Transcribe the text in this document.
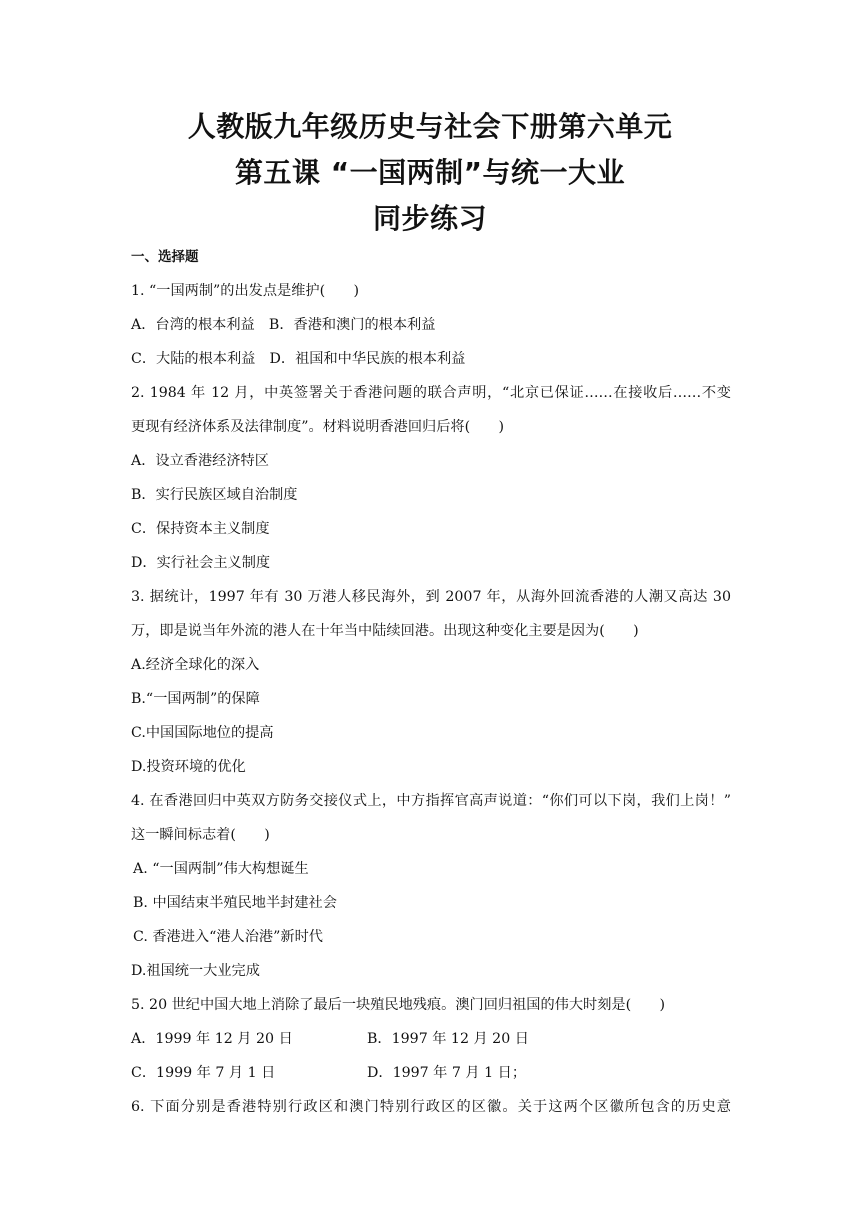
人教版九年级历史与社会下册第六单元
第五课 “一国两制”与统一大业
同步练习
一、选择题
1. “一国两制”的出发点是维护(　　)
A．台湾的根本利益　B．香港和澳门的根本利益
C．大陆的根本利益　D．祖国和中华民族的根本利益
2. 1984 年 12 月，中英签署关于香港问题的联合声明，“北京已保证……在接收后……不变
更现有经济体系及法律制度”。材料说明香港回归后将(　　)
A．设立香港经济特区
B．实行民族区域自治制度
C．保持资本主义制度
D．实行社会主义制度
3. 据统计，1997 年有 30 万港人移民海外，到 2007 年，从海外回流香港的人潮又高达 30
万，即是说当年外流的港人在十年当中陆续回港。出现这种变化主要是因为(　　)
A.经济全球化的深入
B.“一国两制”的保障
C.中国国际地位的提高
D.投资环境的优化
4. 在香港回归中英双方防务交接仪式上，中方指挥官高声说道：“你们可以下岗，我们上岗！”
这一瞬间标志着(　　)
A. “一国两制”伟大构想诞生
B. 中国结束半殖民地半封建社会
C. 香港进入“港人治港”新时代
D.祖国统一大业完成
5. 20 世纪中国大地上消除了最后一块殖民地残痕。澳门回归祖国的伟大时刻是(　　)
A．1999 年 12 月 20 日	B．1997 年 12 月 20 日
C．1999 年 7 月 1 日	D．1997 年 7 月 1 日；
6. 下面分别是香港特别行政区和澳门特别行政区的区徽。关于这两个区徽所包含的历史意
